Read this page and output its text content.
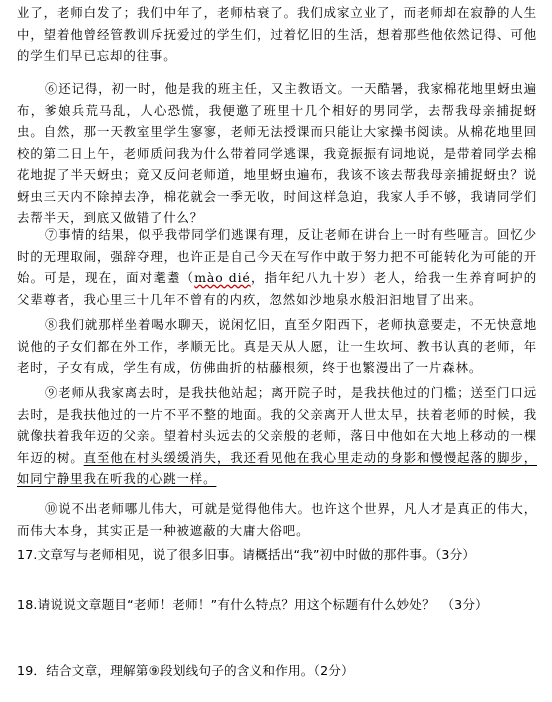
业了，老师白发了；我们中年了，老师枯衰了。我们成家立业了，而老师却在寂静的人生中，望着他曾经管教训斥抚爱过的学生们，过着忆旧的生活，想着那些他依然记得、可他的学生们早已忘却的往事。

⑥还记得，初一时，他是我的班主任，又主教语文。一天酷暑，我家棉花地里蚜虫遍布，爹娘兵荒马乱，人心恐慌，我便邀了班里十几个相好的男同学，去帮我母亲捕捉蚜虫。自然，那一天教室里学生寥寥，老师无法授课而只能让大家操书阅读。从棉花地里回校的第二日上午，老师质问我为什么带着同学逃课，我竟振振有词地说，是带着同学去棉花地捉了半天蚜虫；竟又反问老师道，地里蚜虫遍布，我该不该去帮我母亲捕捉蚜虫？说蚜虫三天内不除掉去净，棉花就会一季无收，时间这样急迫，我家人手不够，我请同学们去帮半天，到底又做错了什么？

⑦事情的结果，似乎我带同学们逃课有理，反让老师在讲台上一时有些哑言。回忆少时的无理取闹，强辞夺理，也许正是自己今天在写作中敢于努力把不可能转化为可能的开始。可是，现在，面对耄耋（mào dié，指年纪八九十岁）老人，给我一生养育呵护的父辈尊者，我心里三十几年不曾有的内疚，忽然如沙地泉水般汩汩地冒了出来。

⑧我们就那样坐着喝水聊天，说闲忆旧，直至夕阳西下，老师执意要走，不无快意地说他的子女们都在外工作，孝顺无比。真是天从人愿，让一生坎坷、教书认真的老师，年老时，子女有成，学生有成，仿佛曲折的枯藤根须，终于也繁漫出了一片森林。

⑨老师从我家离去时，是我扶他站起；离开院子时，是我扶他过的门槛；送至门口远去时，是我扶他过的一片不平不整的地面。我的父亲离开人世太早，扶着老师的时候，我就像扶着我年迈的父亲。望着村头远去的父亲般的老师，落日中他如在大地上移动的一棵年迈的树。直至他在村头缓缓消失，我还看见他在我心里走动的身影和慢慢起落的脚步，如同宁静里我在听我的心跳一样。

⑩说不出老师哪儿伟大，可就是觉得他伟大。也许这个世界，凡人才是真正的伟大，而伟大本身，其实正是一种被遮蔽的大庸大俗吧。

17.文章写与老师相见，说了很多旧事。请概括出“我”初中时做的那件事。（3分）

18.请说说文章题目“老师！老师！”有什么特点？用这个标题有什么妙处？　（3分）

19．结合文章，理解第⑨段划线句子的含义和作用。（2分）
